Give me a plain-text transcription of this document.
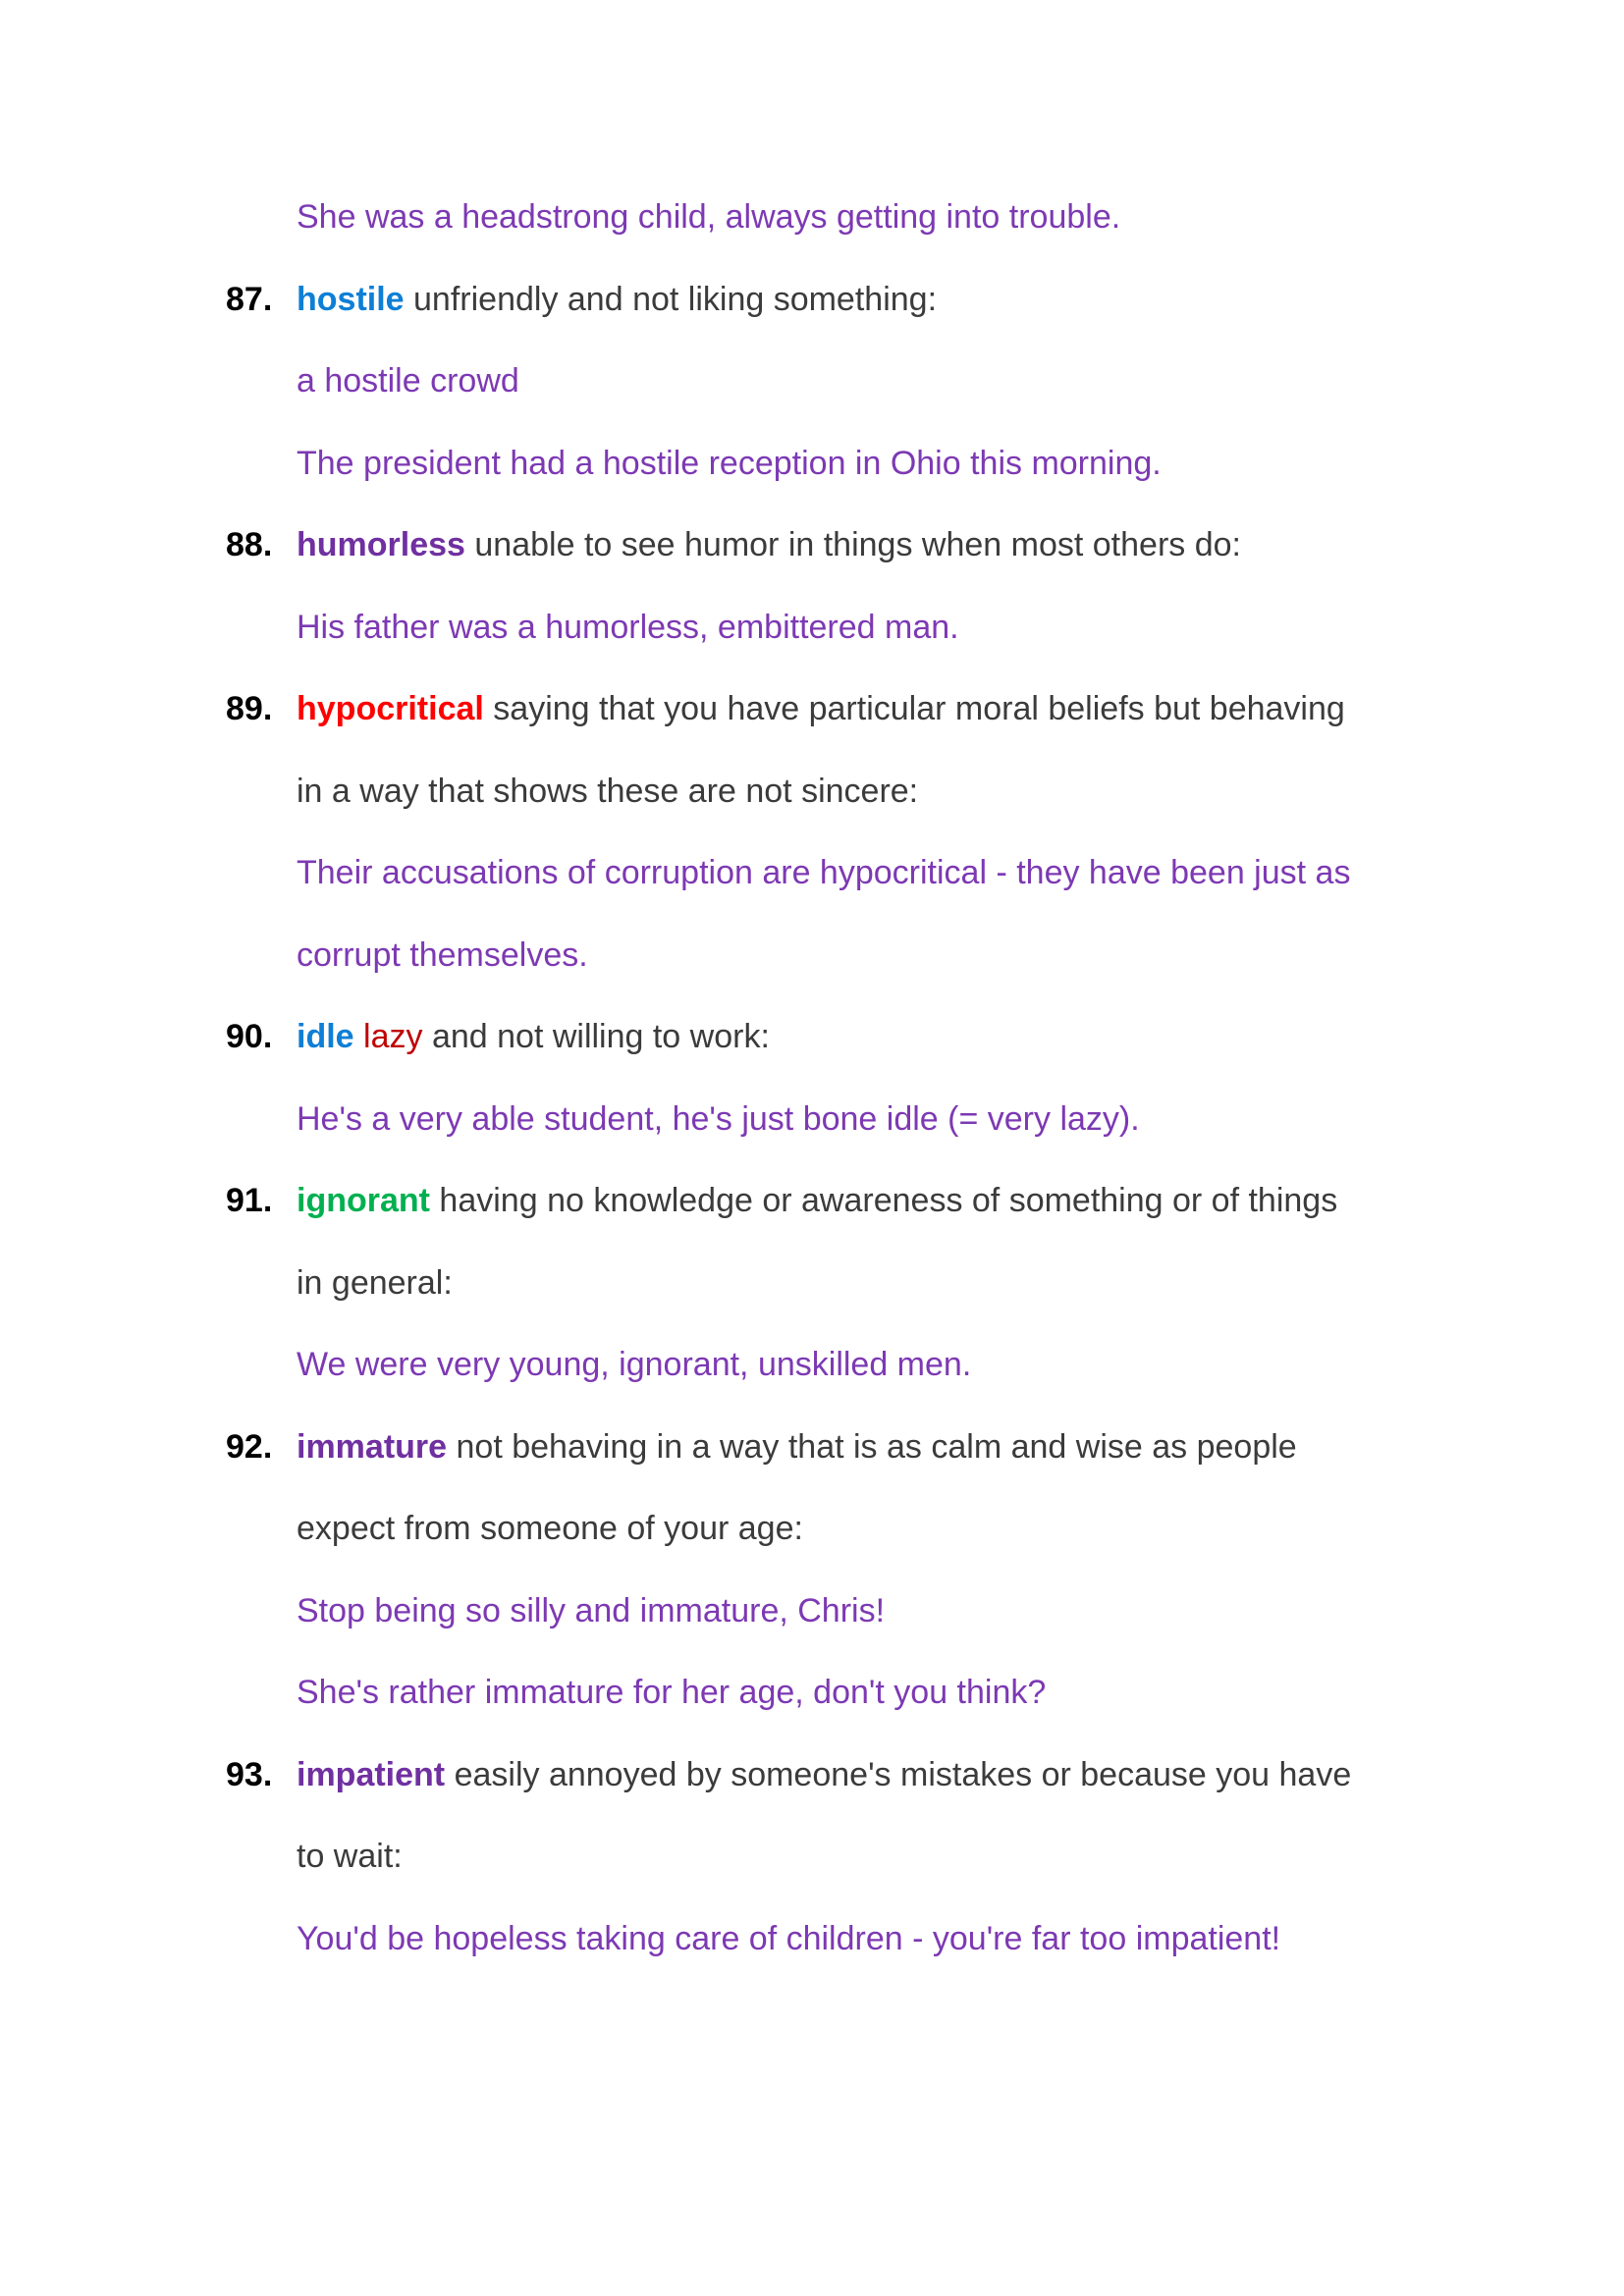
She was a headstrong child, always getting into trouble.
87. hostile unfriendly and not liking something:
a hostile crowd
The president had a hostile reception in Ohio this morning.
88. humorless unable to see humor in things when most others do:
His father was a humorless, embittered man.
89. hypocritical saying that you have particular moral beliefs but behaving
in a way that shows these are not sincere:
Their accusations of corruption are hypocritical - they have been just as
corrupt themselves.
90. idle lazy and not willing to work:
He's a very able student, he's just bone idle (= very lazy).
91. ignorant having no knowledge or awareness of something or of things
in general:
We were very young, ignorant, unskilled men.
92. immature not behaving in a way that is as calm and wise as people
expect from someone of your age:
Stop being so silly and immature, Chris!
She's rather immature for her age, don't you think?
93. impatient easily annoyed by someone's mistakes or because you have
to wait:
You'd be hopeless taking care of children - you're far too impatient!
